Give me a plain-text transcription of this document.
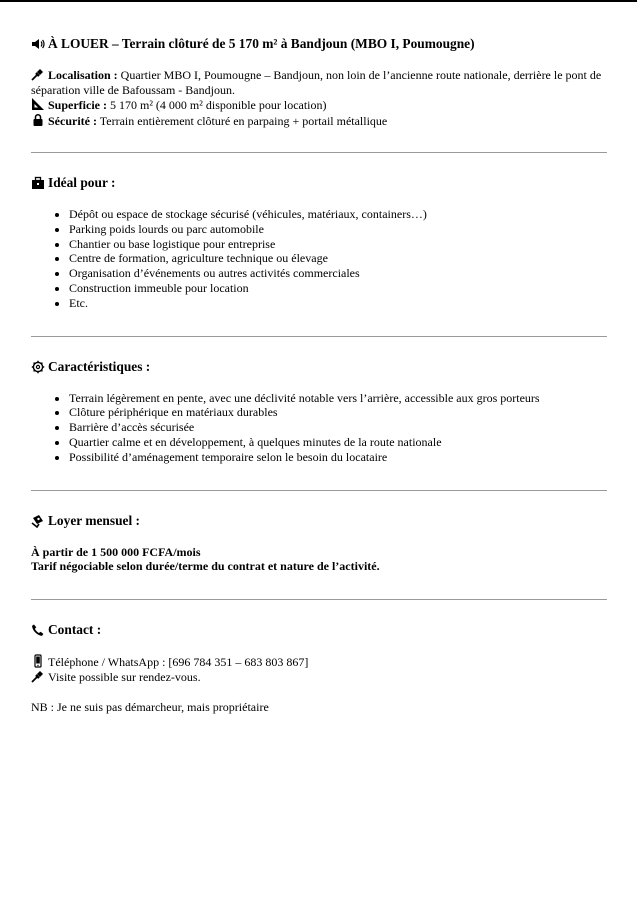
À LOUER – Terrain clôturé de 5 170 m² à Bandjoun (MBO I, Poumougne)
Localisation : Quartier MBO I, Poumougne – Bandjoun, non loin de l’ancienne route nationale, derrière le pont de séparation ville de Bafoussam - Bandjoun.
Superficie : 5 170 m² (4 000 m² disponible pour location)
Sécurité : Terrain entièrement clôturé en parpaing + portail métallique
Idéal pour :
• Dépôt ou espace de stockage sécurisé (véhicules, matériaux, containers…)
• Parking poids lourds ou parc automobile
• Chantier ou base logistique pour entreprise
• Centre de formation, agriculture technique ou élevage
• Organisation d’événements ou autres activités commerciales
• Construction immeuble pour location
• Etc.
Caractéristiques :
• Terrain légèrement en pente, avec une déclivité notable vers l’arrière, accessible aux gros porteurs
• Clôture périphérique en matériaux durables
• Barrière d’accès sécurisée
• Quartier calme et en développement, à quelques minutes de la route nationale
• Possibilité d’aménagement temporaire selon le besoin du locataire
Loyer mensuel :
À partir de 1 500 000 FCFA/mois
Tarif négociable selon durée/terme du contrat et nature de l’activité.
Contact :
Téléphone / WhatsApp : [696 784 351 – 683 803 867]
Visite possible sur rendez-vous.
NB : Je ne suis pas démarcheur, mais propriétaire
